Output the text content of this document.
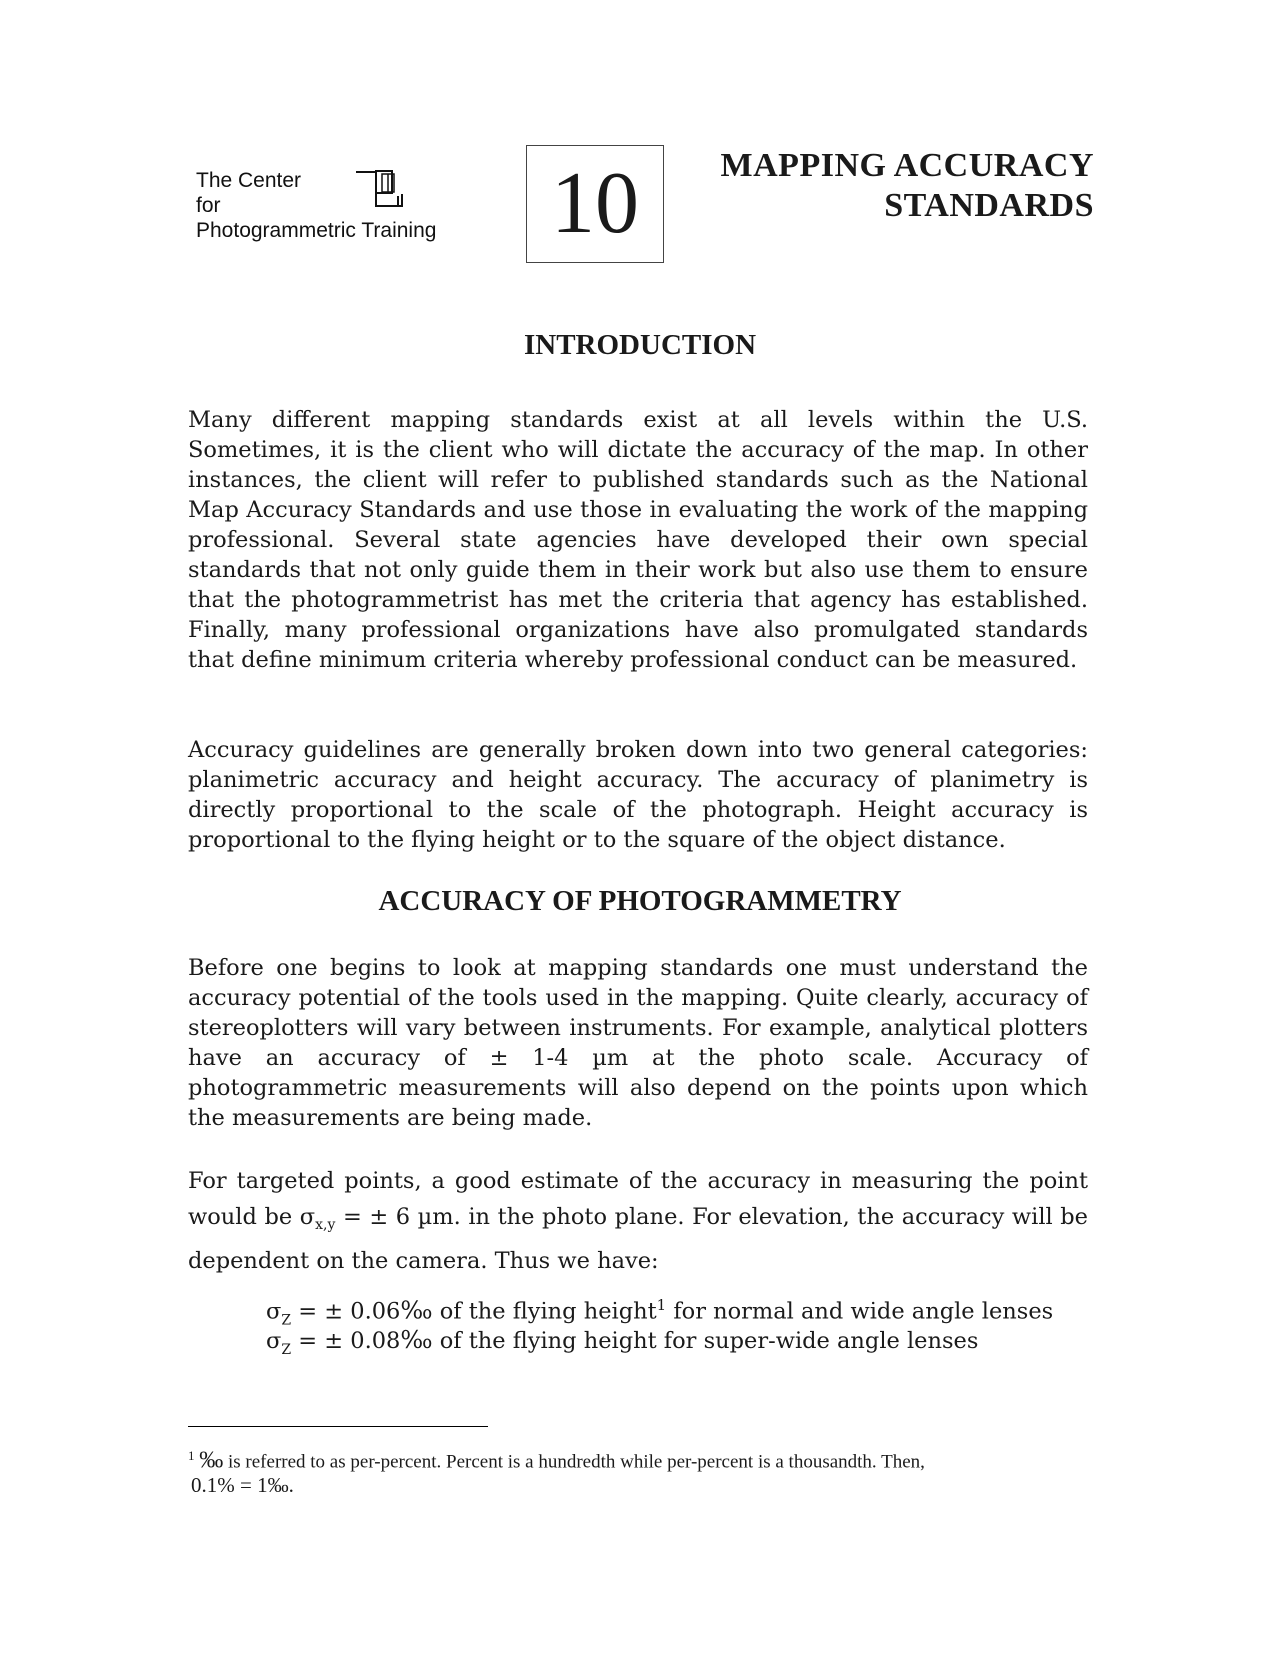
The Center
for
Photogrammetric Training 10	MAPPING ACCURACY
STANDARDS
INTRODUCTION

Many different mapping standards exist at all levels within the U.S. Sometimes, it is the client who will dictate the accuracy of the map. In other instances, the client will refer to published standards such as the National Map Accuracy Standards and use those in evaluating the work of the mapping professional. Several state agencies have developed their own special standards that not only guide them in their work but also use them to ensure that the photogrammetrist has met the criteria that agency has established. Finally, many professional organizations have also promulgated standards that define minimum criteria whereby professional conduct can be measured.

Accuracy guidelines are generally broken down into two general categories: planimetric accuracy and height accuracy. The accuracy of planimetry is directly proportional to the scale of the photograph. Height accuracy is proportional to the flying height or to the square of the object distance.

ACCURACY OF PHOTOGRAMMETRY

Before one begins to look at mapping standards one must understand the accuracy potential of the tools used in the mapping. Quite clearly, accuracy of stereoplotters will vary between instruments. For example, analytical plotters have an accuracy of ± 1-4 µm at the photo scale. Accuracy of photogrammetric measurements will also depend on the points upon which the measurements are being made.

For targeted points, a good estimate of the accuracy in measuring the point would be $\sigma_{x,y}$ = ± 6 µm. in the photo plane. For elevation, the accuracy will be dependent on the camera. Thus we have:

$\sigma_Z$ = ± 0.06‰ of the flying height$^1$ for normal and wide angle lenses
$\sigma_Z$ = ± 0.08‰ of the flying height for super-wide angle lenses
$^1$ ‰ is referred to as per-percent. Percent is a hundredth while per-percent is a thousandth. Then,
0.1% = 1‰.
